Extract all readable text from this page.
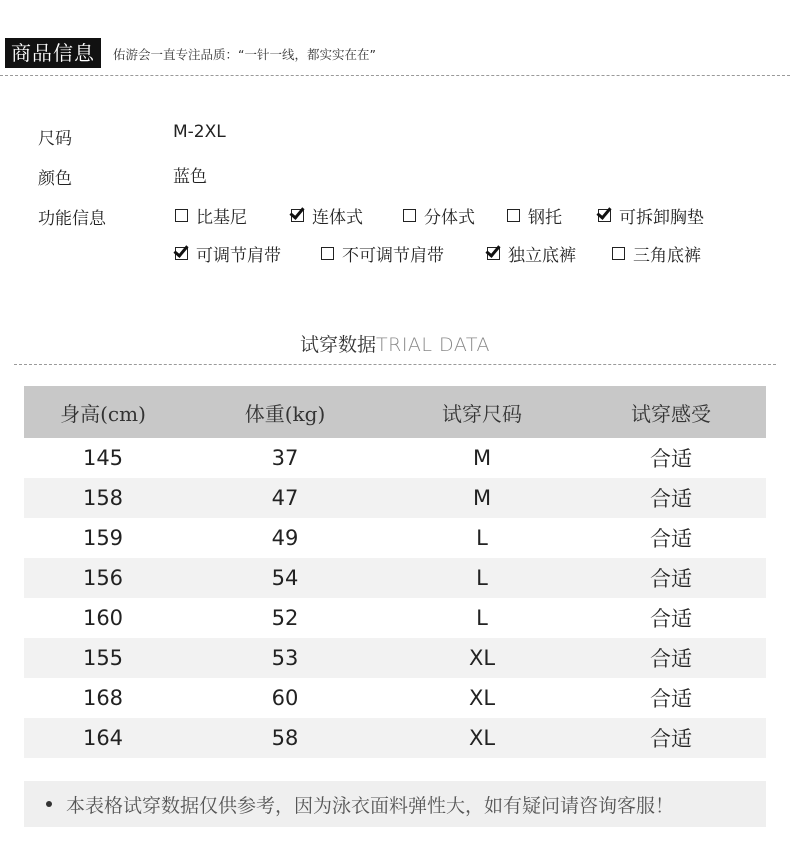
商品信息	佑游会一直专注品质：“一针一线，都实实在在”
尺码	M-2XL
颜色	蓝色
功能信息	比基尼	连体式	分体式	钢托	可拆卸胸垫
可调节肩带	不可调节肩带	独立底裤	三角底裤
试穿数据TRIAL DATA
身高(cm)	体重(kg)	试穿尺码	试穿感受
145	37	M	合适
158	47	M	合适
159	49	L	合适
156	54	L	合适
160	52	L	合适
155	53	XL	合适
168	60	XL	合适
164	58	XL	合适
本表格试穿数据仅供参考，因为泳衣面料弹性大，如有疑问请咨询客服！
